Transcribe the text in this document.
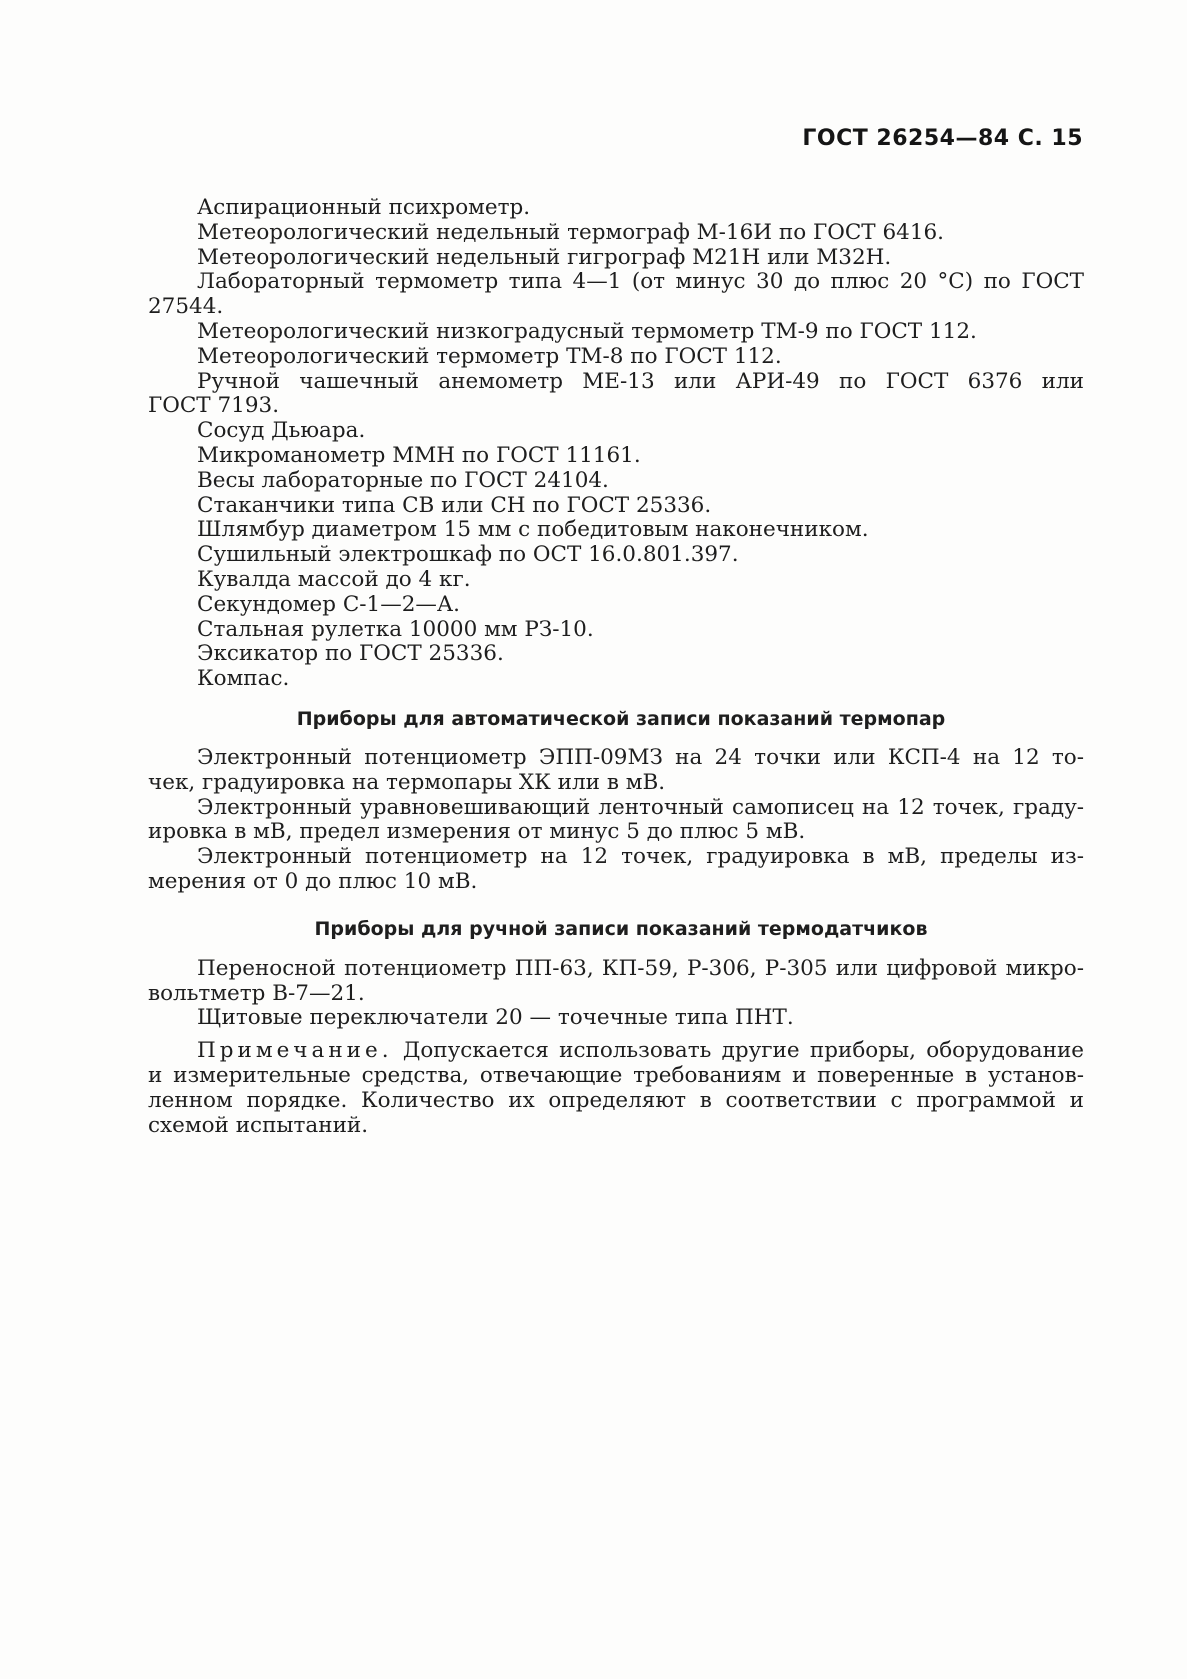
ГОСТ 26254—84 С. 15
Аспирационный психрометр.
Метеорологический недельный термограф М-16И по ГОСТ 6416.
Метеорологический недельный гигрограф М21Н или М32Н.
Лабораторный термометр типа 4—1 (от минус 30 до плюс 20 °С) по ГОСТ
27544.
Метеорологический низкоградусный термометр ТМ-9 по ГОСТ 112.
Метеорологический термометр ТМ-8 по ГОСТ 112.
Ручной чашечный анемометр МЕ-13 или АРИ-49 по ГОСТ 6376 или
ГОСТ 7193.
Сосуд Дьюара.
Микроманометр ММН по ГОСТ 11161.
Весы лабораторные по ГОСТ 24104.
Стаканчики типа СВ или СН по ГОСТ 25336.
Шлямбур диаметром 15 мм с победитовым наконечником.
Сушильный электрошкаф по ОСТ 16.0.801.397.
Кувалда массой до 4 кг.
Секундомер С-1—2—А.
Стальная рулетка 10000 мм РЗ-10.
Эксикатор по ГОСТ 25336.
Компас.
Приборы для автоматической записи показаний термопар
Электронный потенциометр ЭПП-09МЗ на 24 точки или КСП-4 на 12 то-
чек, градуировка на термопары ХК или в мВ.
Электронный уравновешивающий ленточный самописец на 12 точек, граду-
ировка в мВ, предел измерения от минус 5 до плюс 5 мВ.
Электронный потенциометр на 12 точек, градуировка в мВ, пределы из-
мерения от 0 до плюс 10 мВ.
Приборы для ручной записи показаний термодатчиков
Переносной потенциометр ПП-63, КП-59, Р-306, Р-305 или цифровой микро-
вольтметр В-7—21.
Щитовые переключатели 20 — точечные типа ПНТ.
Примечание. Допускается использовать другие приборы, оборудование
и измерительные средства, отвечающие требованиям и поверенные в установ-
ленном порядке. Количество их определяют в соответствии с программой и
схемой испытаний.
